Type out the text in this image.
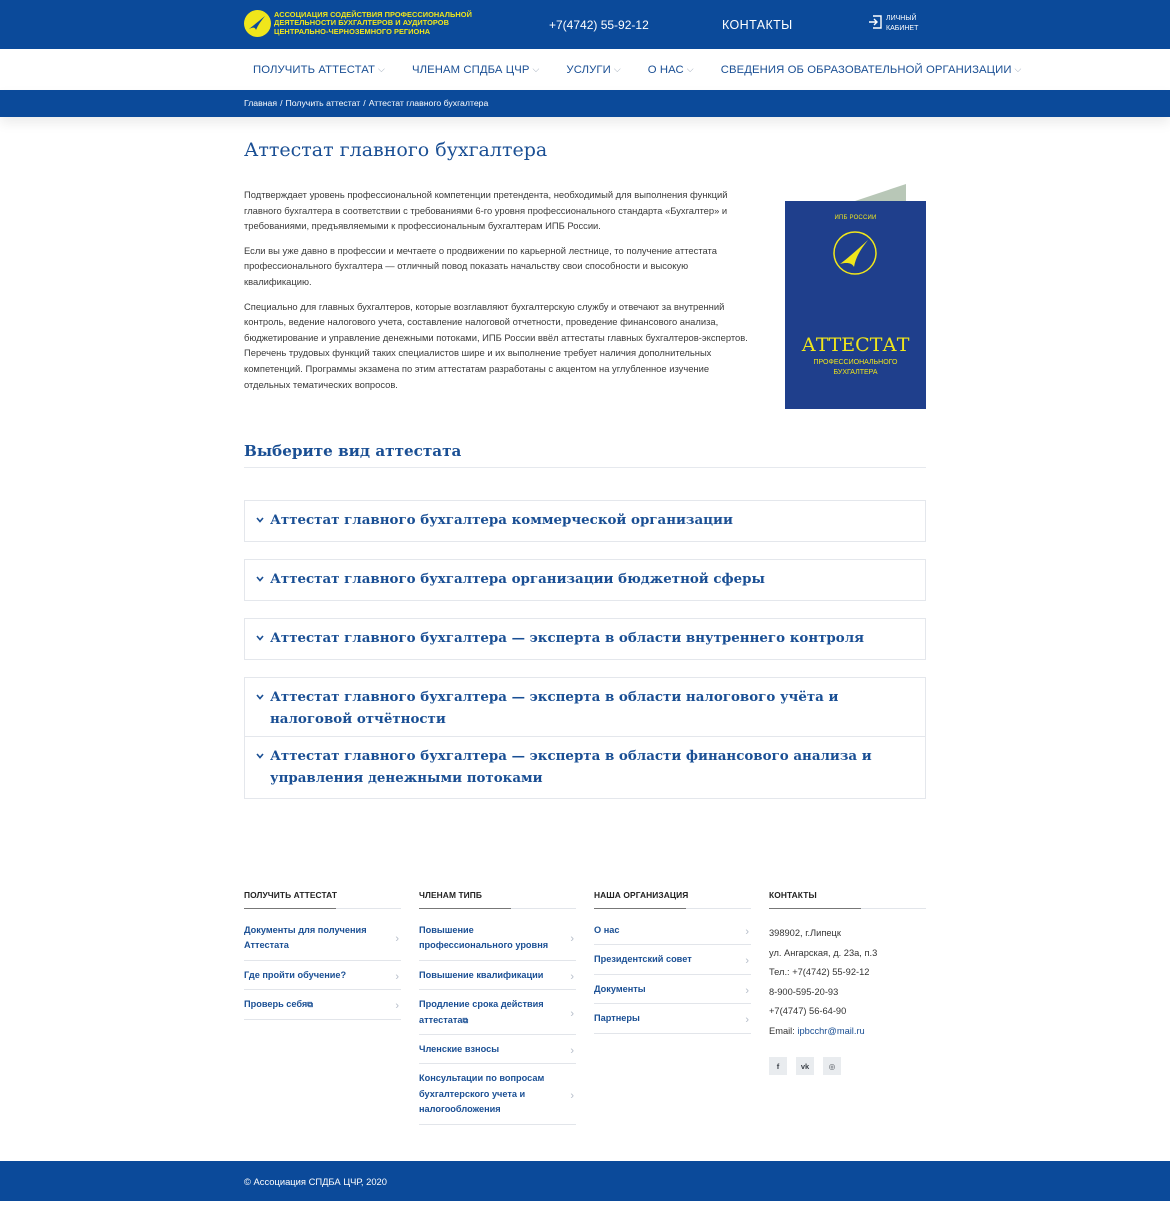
АССОЦИАЦИЯ СОДЕЙСТВИЯ ПРОФЕССИОНАЛЬНОЙ
ДЕЯТЕЛЬНОСТИ БУХГАЛТЕРОВ И АУДИТОРОВ
ЦЕНТРАЛЬНО-ЧЕРНОЗЕМНОГО РЕГИОНА	+7(4742) 55-92-12	КОНТАКТЫ	ЛИЧНЫЙ
КАБИНЕТ
ПОЛУЧИТЬ АТТЕСТАТ ⌵ ЧЛЕНАМ СПДБА ЦЧР ⌵ УСЛУГИ ⌵ О НАС ⌵ СВЕДЕНИЯ ОБ ОБРАЗОВАТЕЛЬНОЙ ОРГАНИЗАЦИИ ⌵
Главная / Получить аттестат / Аттестат главного бухгалтера
Аттестат главного бухгалтера

Подтверждает уровень профессиональной компетенции претендента, необходимый для выполнения функций главного бухгалтера в соответствии с требованиями 6-го уровня профессионального стандарта «Бухгалтер» и требованиями, предъявляемыми к профессиональным бухгалтерам ИПБ России.

Если вы уже давно в профессии и мечтаете о продвижении по карьерной лестнице, то получение аттестата профессионального бухгалтера — отличный повод показать начальству свои способности и высокую квалификацию.

Специально для главных бухгалтеров, которые возглавляют бухгалтерскую службу и отвечают за внутренний контроль, ведение налогового учета, составление налоговой отчетности, проведение финансового анализа, бюджетирование и управление денежными потоками, ИПБ России ввёл аттестаты главных бухгалтеров-экспертов. Перечень трудовых функций таких специалистов шире и их выполнение требует наличия дополнительных компетенций. Программы экзамена по этим аттестатам разработаны с акцентом на углубленное изучение отдельных тематических вопросов.

ИПБ РОССИИ
АТТЕСТАТ
ПРОФЕССИОНАЛЬНОГО
БУХГАЛТЕРА
Выберите вид аттестата
Аттестат главного бухгалтера коммерческой организации
Аттестат главного бухгалтера организации бюджетной сферы
Аттестат главного бухгалтера — эксперта в области внутреннего контроля
Аттестат главного бухгалтера — эксперта в области налогового учёта и налоговой отчётности
Аттестат главного бухгалтера — эксперта в области финансового анализа и управления денежными потоками
ПОЛУЧИТЬ АТТЕСТАТ
Документы для получения Аттестата
›
Где пройти обучение?	›
Проверь себя⧉	›
ЧЛЕНАМ ТИПБ
Повышение профессионального уровня
›
Повышение квалификации ›
Продление срока действия аттестата⧉
›
Членские взносы	›
Консультации по вопросам бухгалтерского учета и налогообложения
›
НАША ОРГАНИЗАЦИЯ
О нас	›
Президентский совет	›
Документы	›
Партнеры	›
КОНТАКТЫ
398902, г.Липецк
ул. Ангарская, д. 23а, п.3
Тел.: +7(4742) 55-92-12
8-900-595-20-93
+7(4747) 56-64-90
Email: ipbcchr@mail.ru
f	vk	◎
© Ассоциация СПДБА ЦЧР, 2020
